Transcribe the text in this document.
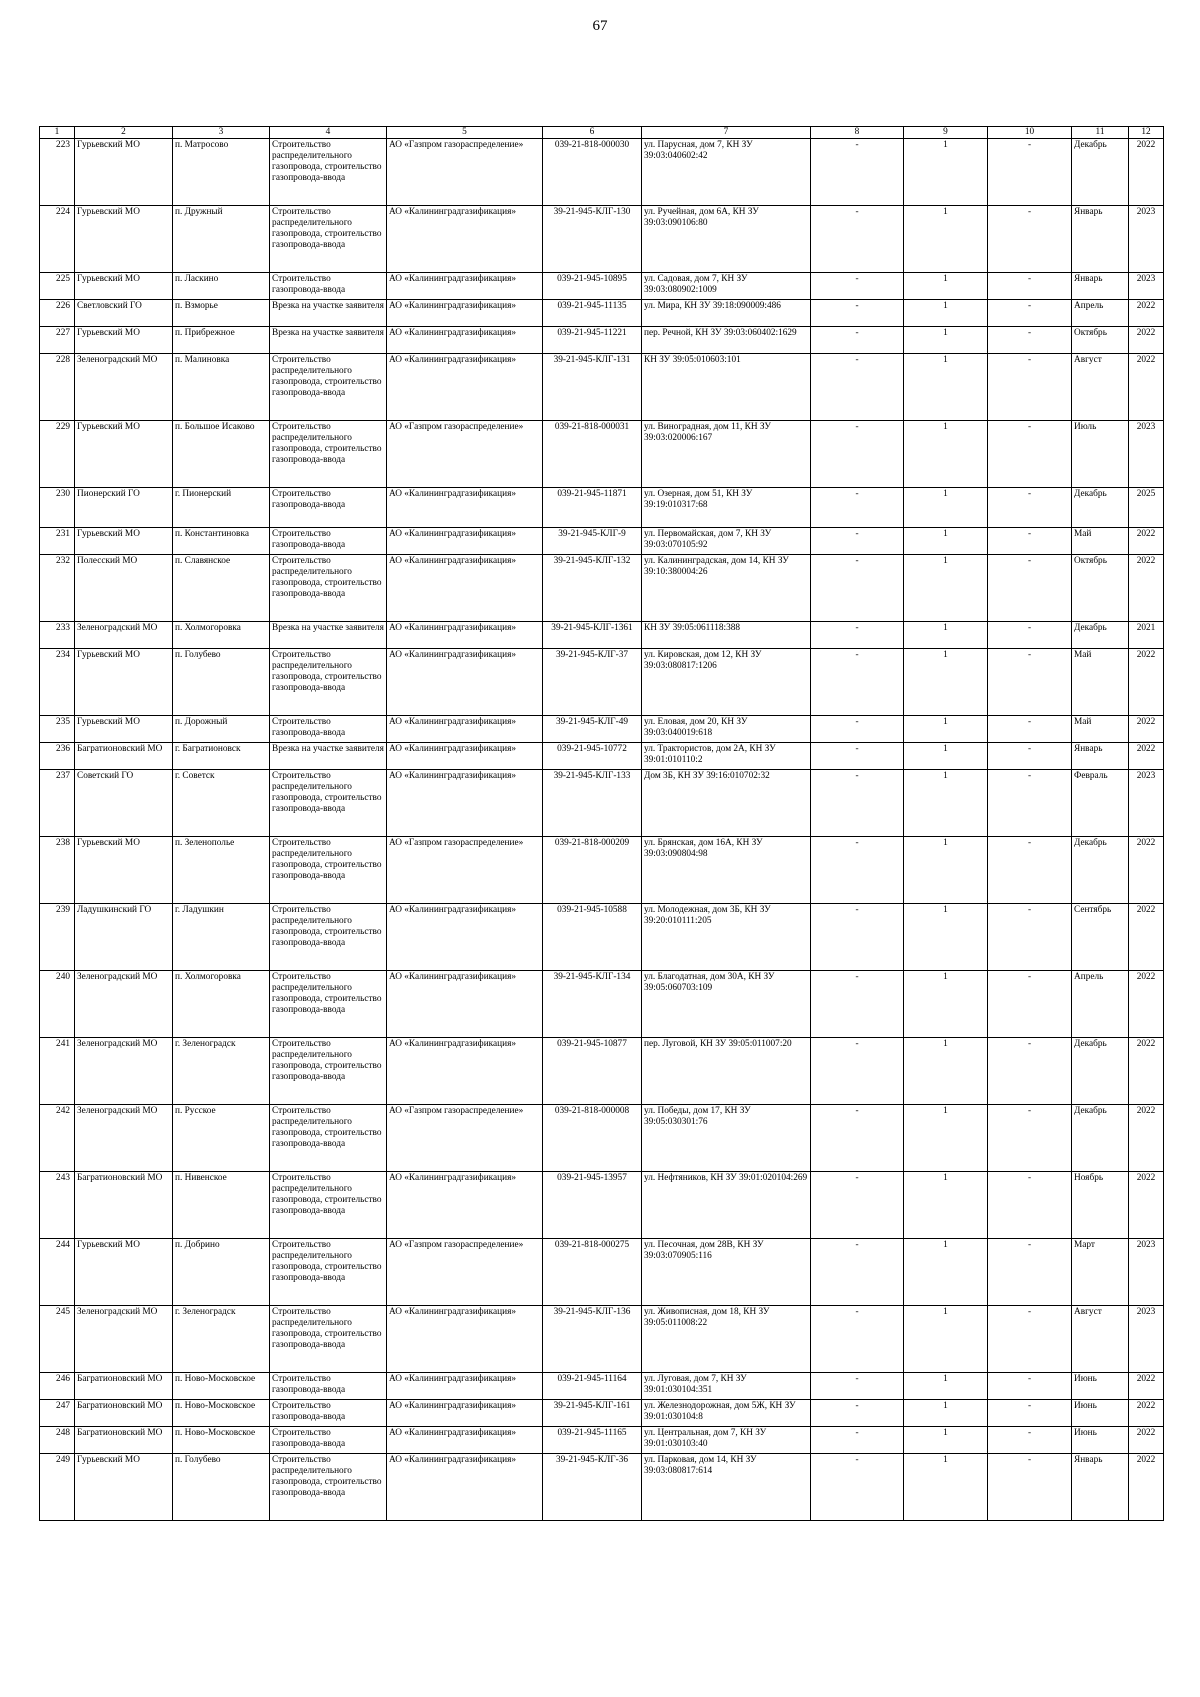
67
1	2	3	4	5	6	7	8	9	10	11	12
223	Гурьевский МО	п. Матросово	Строительство распределительного газопровода, строительство газопровода-ввода	АО «Газпром газораспределение»	039-21-818-000030	ул. Парусная, дом 7, КН ЗУ 39:03:040602:42	-	1	-	Декабрь	2022
224	Гурьевский МО	п. Дружный	Строительство распределительного газопровода, строительство газопровода-ввода	АО «Калининградгазификация»	39-21-945-КЛГ-130	ул. Ручейная, дом 6А, КН ЗУ 39:03:090106:80	-	1	-	Январь	2023
225	Гурьевский МО	п. Ласкино	Строительство газопровода-ввода	АО «Калининградгазификация»	039-21-945-10895	ул. Садовая, дом 7, КН ЗУ 39:03:080902:1009	-	1	-	Январь	2023
226	Светловский ГО	п. Взморье	Врезка на участке заявителя	АО «Калининградгазификация»	039-21-945-11135	ул. Мира, КН ЗУ 39:18:090009:486	-	1	-	Апрель	2022
227	Гурьевский МО	п. Прибрежное	Врезка на участке заявителя	АО «Калининградгазификация»	039-21-945-11221	пер. Речной, КН ЗУ 39:03:060402:1629	-	1	-	Октябрь	2022
228	Зеленоградский МО	п. Малиновка	Строительство распределительного газопровода, строительство газопровода-ввода	АО «Калининградгазификация»	39-21-945-КЛГ-131	КН ЗУ 39:05:010603:101	-	1	-	Август	2022
229	Гурьевский МО	п. Большое Исаково	Строительство распределительного газопровода, строительство газопровода-ввода	АО «Газпром газораспределение»	039-21-818-000031	ул. Виноградная, дом 11, КН ЗУ 39:03:020006:167	-	1	-	Июль	2023
230	Пионерский ГО	г. Пионерский	Строительство газопровода-ввода	АО «Калининградгазификация»	039-21-945-11871	ул. Озерная, дом 51, КН ЗУ 39:19:010317:68	-	1	-	Декабрь	2025
231	Гурьевский МО	п. Константиновка	Строительство газопровода-ввода	АО «Калининградгазификация»	39-21-945-КЛГ-9	ул. Первомайская, дом 7, КН ЗУ 39:03:070105:92	-	1	-	Май	2022
232	Полесский МО	п. Славянское	Строительство распределительного газопровода, строительство газопровода-ввода	АО «Калининградгазификация»	39-21-945-КЛГ-132	ул. Калининградская, дом 14, КН ЗУ 39:10:380004:26	-	1	-	Октябрь	2022
233	Зеленоградский МО	п. Холмогоровка	Врезка на участке заявителя	АО «Калининградгазификация»	39-21-945-КЛГ-1361	КН ЗУ 39:05:061118:388	-	1	-	Декабрь	2021
234	Гурьевский МО	п. Голубево	Строительство распределительного газопровода, строительство газопровода-ввода	АО «Калининградгазификация»	39-21-945-КЛГ-37	ул. Кировская, дом 12, КН ЗУ 39:03:080817:1206	-	1	-	Май	2022
235	Гурьевский МО	п. Дорожный	Строительство газопровода-ввода	АО «Калининградгазификация»	39-21-945-КЛГ-49	ул. Еловая, дом 20, КН ЗУ 39:03:040019:618	-	1	-	Май	2022
236	Багратионовский МО	г. Багратионовск	Врезка на участке заявителя	АО «Калининградгазификация»	039-21-945-10772	ул. Трактористов, дом 2А, КН ЗУ 39:01:010110:2	-	1	-	Январь	2022
237	Советский ГО	г. Советск	Строительство распределительного газопровода, строительство газопровода-ввода	АО «Калининградгазификация»	39-21-945-КЛГ-133	Дом 3Б, КН ЗУ 39:16:010702:32	-	1	-	Февраль	2023
238	Гурьевский МО	п. Зеленополье	Строительство распределительного газопровода, строительство газопровода-ввода	АО «Газпром газораспределение»	039-21-818-000209	ул. Брянская, дом 16А, КН ЗУ 39:03:090804:98	-	1	-	Декабрь	2022
239	Ладушкинский ГО	г. Ладушкин	Строительство распределительного газопровода, строительство газопровода-ввода	АО «Калининградгазификация»	039-21-945-10588	ул. Молодежная, дом 3Б, КН ЗУ 39:20:010111:205	-	1	-	Сентябрь	2022
240	Зеленоградский МО	п. Холмогоровка	Строительство распределительного газопровода, строительство газопровода-ввода	АО «Калининградгазификация»	39-21-945-КЛГ-134	ул. Благодатная, дом 30А, КН ЗУ 39:05:060703:109	-	1	-	Апрель	2022
241	Зеленоградский МО	г. Зеленоградск	Строительство распределительного газопровода, строительство газопровода-ввода	АО «Калининградгазификация»	039-21-945-10877	пер. Луговой, КН ЗУ 39:05:011007:20	-	1	-	Декабрь	2022
242	Зеленоградский МО	п. Русское	Строительство распределительного газопровода, строительство газопровода-ввода	АО «Газпром газораспределение»	039-21-818-000008	ул. Победы, дом 17, КН ЗУ 39:05:030301:76	-	1	-	Декабрь	2022
243	Багратионовский МО	п. Нивенское	Строительство распределительного газопровода, строительство газопровода-ввода	АО «Калининградгазификация»	039-21-945-13957	ул. Нефтяников, КН ЗУ 39:01:020104:269	-	1	-	Ноябрь	2022
244	Гурьевский МО	п. Добрино	Строительство распределительного газопровода, строительство газопровода-ввода	АО «Газпром газораспределение»	039-21-818-000275	ул. Песочная, дом 28В, КН ЗУ 39:03:070905:116	-	1	-	Март	2023
245	Зеленоградский МО	г. Зеленоградск	Строительство распределительного газопровода, строительство газопровода-ввода	АО «Калининградгазификация»	39-21-945-КЛГ-136	ул. Живописная, дом 18, КН ЗУ 39:05:011008:22	-	1	-	Август	2023
246	Багратионовский МО	п. Ново-Московское	Строительство газопровода-ввода	АО «Калининградгазификация»	039-21-945-11164	ул. Луговая, дом 7, КН ЗУ 39:01:030104:351	-	1	-	Июнь	2022
247	Багратионовский МО	п. Ново-Московское	Строительство газопровода-ввода	АО «Калининградгазификация»	39-21-945-КЛГ-161	ул. Железнодорожная, дом 5Ж, КН ЗУ 39:01:030104:8	-	1	-	Июнь	2022
248	Багратионовский МО	п. Ново-Московское	Строительство газопровода-ввода	АО «Калининградгазификация»	039-21-945-11165	ул. Центральная, дом 7, КН ЗУ 39:01:030103:40	-	1	-	Июнь	2022
249	Гурьевский МО	п. Голубево	Строительство распределительного газопровода, строительство газопровода-ввода	АО «Калининградгазификация»	39-21-945-КЛГ-36	ул. Парковая, дом 14, КН ЗУ 39:03:080817:614	-	1	-	Январь	2022
